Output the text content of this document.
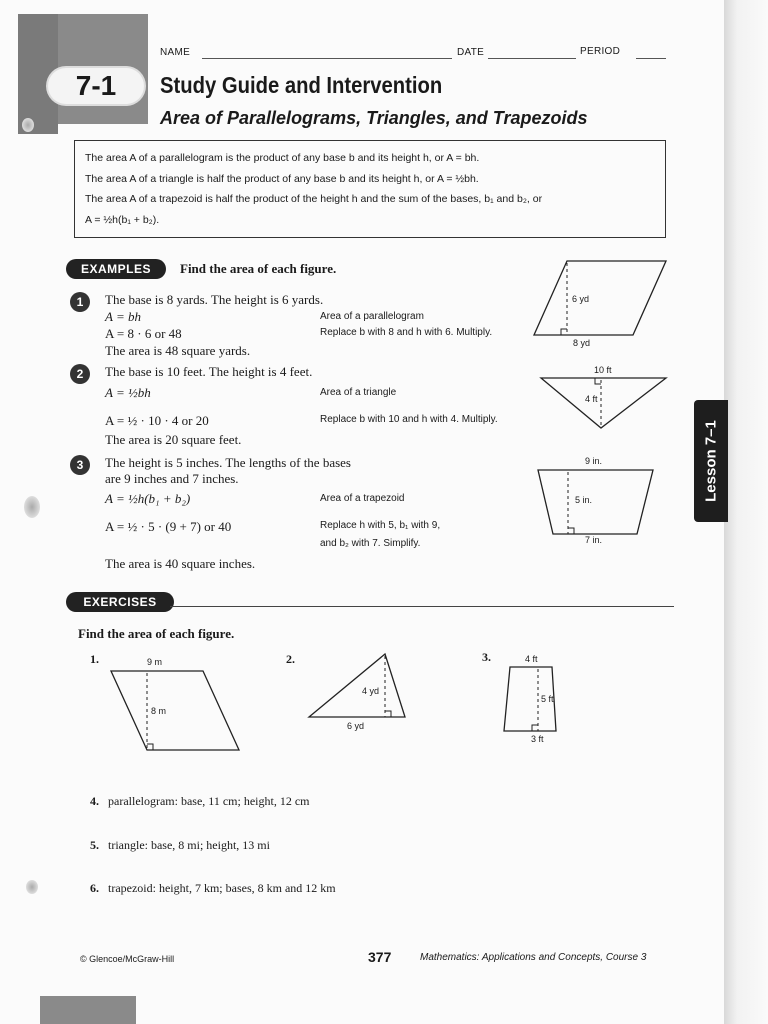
7-1
NAME	DATE	PERIOD
Study Guide and Intervention
Area of Parallelograms, Triangles, and Trapezoids

The area A of a parallelogram is the product of any base b and its height h, or A = bh.

The area A of a triangle is half the product of any base b and its height h, or A = ½bh.

The area A of a trapezoid is half the product of the height h and the sum of the bases, b₁ and b₂, or

A = ½h(b₁ + b₂).

EXAMPLES	Find the area of each figure.
1	The base is 8 yards. The height is 6 yards.
A = bh	Area of a parallelogram
A = 8 · 6 or 48	Replace b with 8 and h with 6. Multiply.
The area is 48 square yards.
6 yd
8 yd
2	The base is 10 feet. The height is 4 feet.
A = ½bh	Area of a triangle
A = ½ · 10 · 4 or 20	Replace b with 10 and h with 4. Multiply.
The area is 20 square feet.
10 ft
4 ft
3	The height is 5 inches. The lengths of the bases
are 9 inches and 7 inches.
A = ½h(b₁ + b₂)	Area of a trapezoid
A = ½ · 5 · (9 + 7) or 40	Replace h with 5, b₁ with 9,
and b₂ with 7. Simplify.
The area is 40 square inches.
9 in.
5 in.
7 in.
EXERCISES
Find the area of each figure.
1.	9 m
8 m
2.
4 yd
6 yd
3.	4 ft
5 ft
3 ft
4. parallelogram: base, 11 cm; height, 12 cm
5. triangle: base, 8 mi; height, 13 mi
6. trapezoid: height, 7 km; bases, 8 km and 12 km
© Glencoe/McGraw-Hill	377	Mathematics: Applications and Concepts, Course 3
Lesson 7–1
